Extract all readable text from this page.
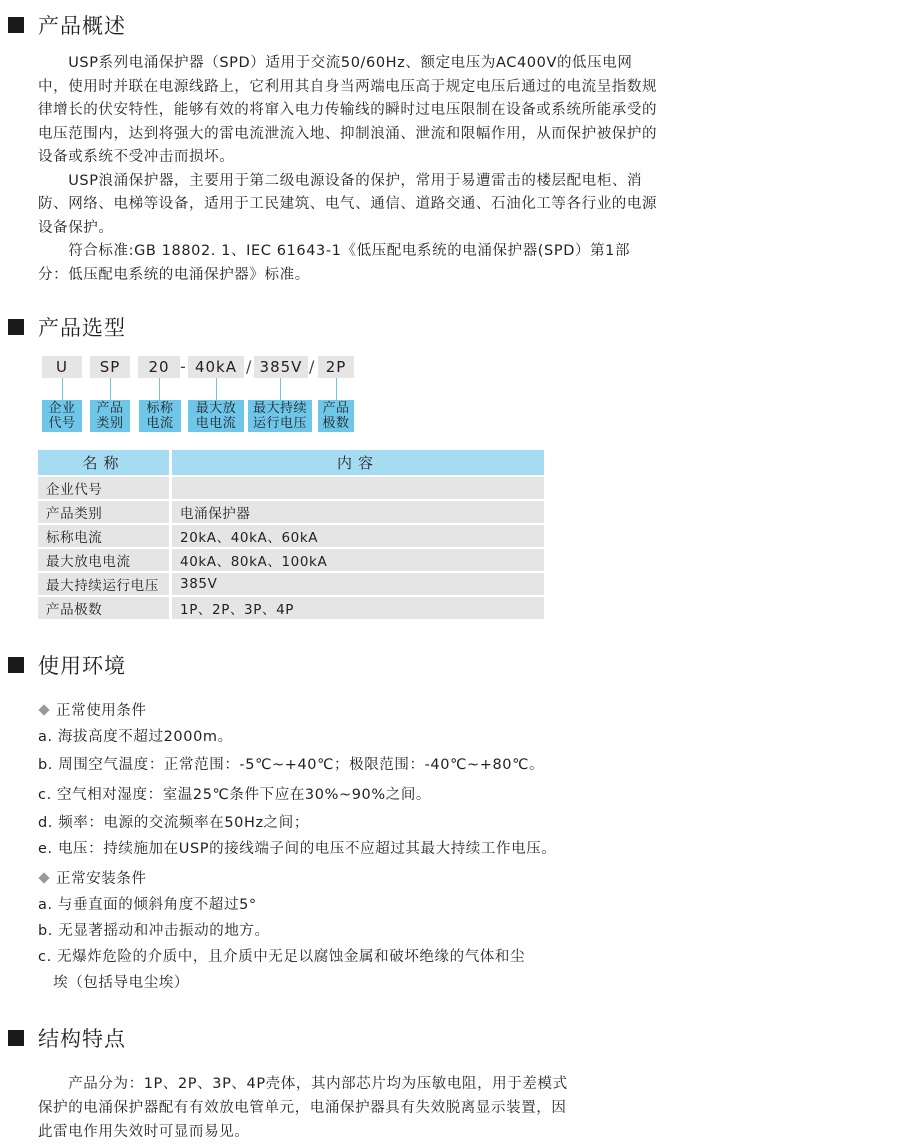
产品概述

　　USP系列电涌保护器（SPD）适用于交流50/60Hz、额定电压为AC400V的低压电网中，使用时并联在电源线路上，它利用其自身当两端电压高于规定电压后通过的电流呈指数规律增长的伏安特性，能够有效的将窜入电力传输线的瞬时过电压限制在设备或系统所能承受的电压范围内，达到将强大的雷电流泄流入地、抑制浪涌、泄流和限幅作用，从而保护被保护的设备或系统不受冲击而损坏。

　　USP浪涌保护器，主要用于第二级电源设备的保护，常用于易遭雷击的楼层配电柜、消防、网络、电梯等设备，适用于工民建筑、电气、通信、道路交通、石油化工等各行业的电源设备保护。

　　符合标准:GB 18802. 1、IEC 61643-1《低压配电系统的电涌保护器(SPD）第1部分：低压配电系统的电涌保护器》标准。

产品选型
U	SP	20 - 40kA / 385V / 2P
企业
代号
产品
类别
标称
电流
最大放
电电流
最大持续
运行电压
产品
极数
名称	内容
企业代号	
产品类别	电涌保护器
标称电流	20kA、40kA、60kA
最大放电电流	40kA、80kA、100kA
最大持续运行电压	385V
产品极数	1P、2P、3P、4P
使用环境
正常使用条件
a. 海拔高度不超过2000m。
b. 周围空气温度：正常范围：-5℃~+40℃；极限范围：-40℃~+80℃。
c. 空气相对湿度：室温25℃条件下应在30%~90%之间。
d. 频率：电源的交流频率在50Hz之间；
e. 电压：持续施加在USP的接线端子间的电压不应超过其最大持续工作电压。
正常安装条件
a. 与垂直面的倾斜角度不超过5°
b. 无显著摇动和冲击振动的地方。
c. 无爆炸危险的介质中，且介质中无足以腐蚀金属和破坏绝缘的气体和尘
　埃（包括导电尘埃）
结构特点

　　产品分为：1P、2P、3P、4P壳体，其内部芯片均为压敏电阻，用于差模式保护的电涌保护器配有有效放电管单元，电涌保护器具有失效脱离显示装置，因此雷电作用失效时可显而易见。
